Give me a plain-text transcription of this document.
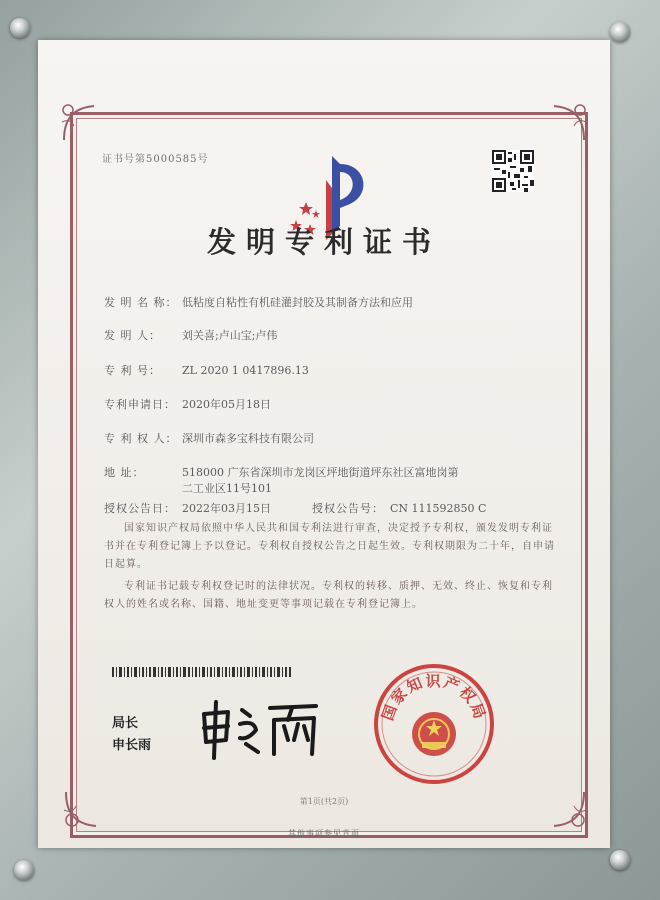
证书号第5000585号
发明专利证书
发 明 名 称： 低粘度自粘性有机硅灌封胶及其制备方法和应用
发 明 人： 刘关喜;卢山宝;卢伟
专 利 号： ZL 2020 1 0417896.13
专利申请日： 2020年05月18日
专 利 权 人： 深圳市森多宝科技有限公司
地 址：	518000 广东省深圳市龙岗区坪地街道坪东社区富地岗第
二工业区11号101
授权公告日： 2022年03月15日	授权公告号： CN 111592850 C
国家知识产权局依照中华人民共和国专利法进行审查，决定授予专利权，颁发发明专利证书并在专利登记簿上予以登记。专利权自授权公告之日起生效。专利权期限为二十年，自申请日起算。
专利证书记载专利权登记时的法律状况。专利权的转移、质押、无效、终止、恢复和专利权人的姓名或名称、国籍、地址变更等事项记载在专利登记簿上。
局长
申长雨
国家知识产权局
第1页(共2页)
其他事项参见背面
